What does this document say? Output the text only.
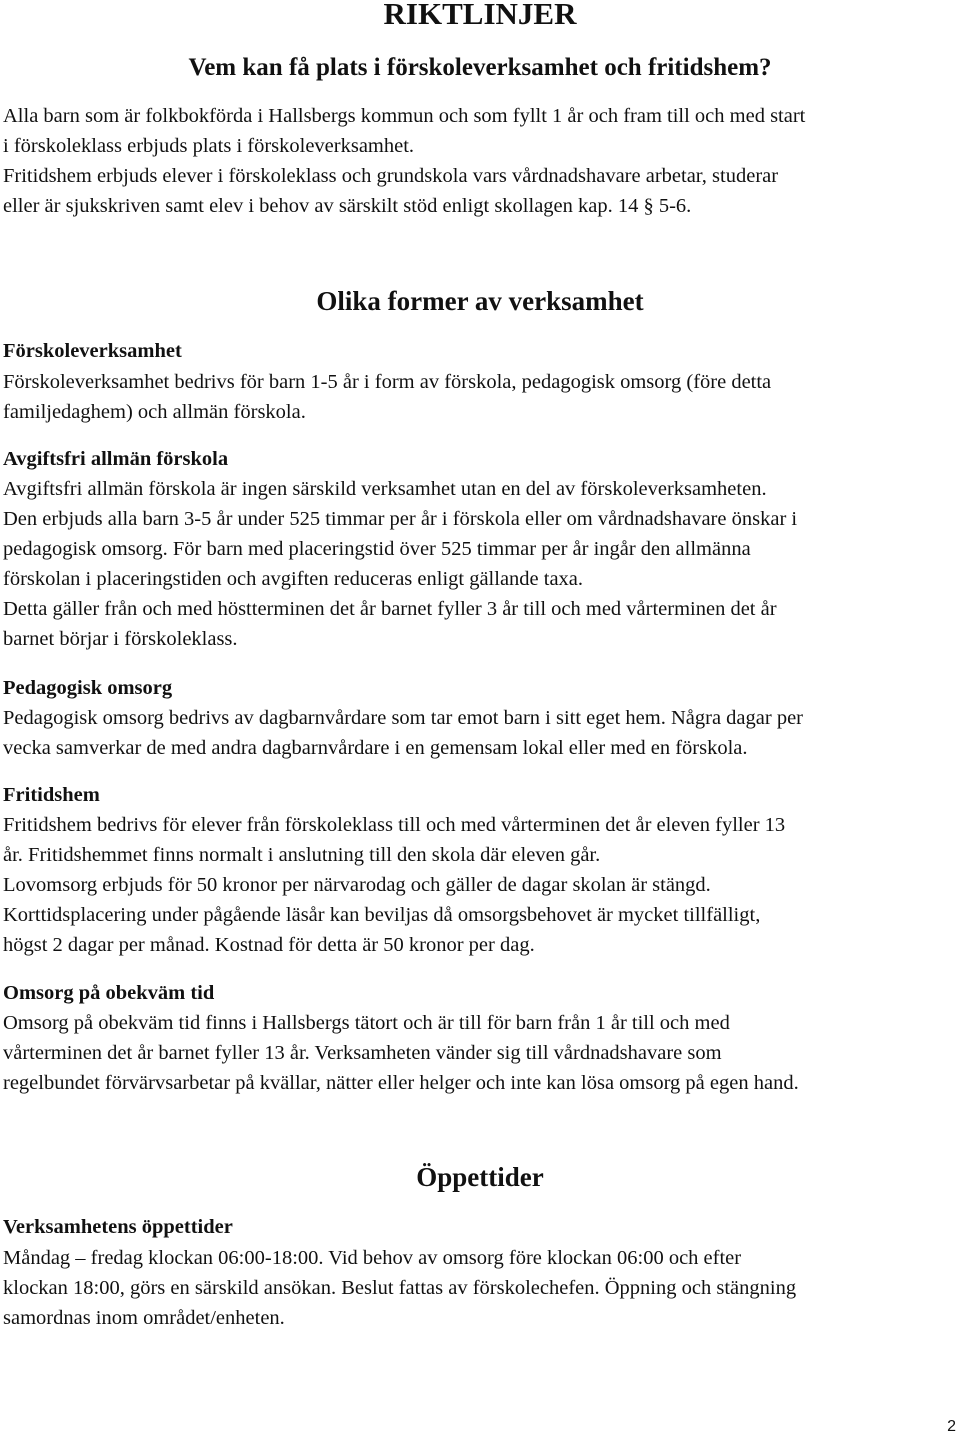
RIKTLINJER
Vem kan få plats i förskoleverksamhet och fritidshem?

Alla barn som är folkbokförda i Hallsbergs kommun och som fyllt 1 år och fram till och med start
i förskoleklass erbjuds plats i förskoleverksamhet.
Fritidshem erbjuds elever i förskoleklass och grundskola vars vårdnadshavare arbetar, studerar
eller är sjukskriven samt elev i behov av särskilt stöd enligt skollagen kap. 14 § 5-6.

Olika former av verksamhet
Förskoleverksamhet

Förskoleverksamhet bedrivs för barn 1-5 år i form av förskola, pedagogisk omsorg (före detta
familjedaghem) och allmän förskola.

Avgiftsfri allmän förskola

Avgiftsfri allmän förskola är ingen särskild verksamhet utan en del av förskoleverksamheten.
Den erbjuds alla barn 3-5 år under 525 timmar per år i förskola eller om vårdnadshavare önskar i
pedagogisk omsorg. För barn med placeringstid över 525 timmar per år ingår den allmänna
förskolan i placeringstiden och avgiften reduceras enligt gällande taxa.
Detta gäller från och med höstterminen det år barnet fyller 3 år till och med vårterminen det år
barnet börjar i förskoleklass.

Pedagogisk omsorg

Pedagogisk omsorg bedrivs av dagbarnvårdare som tar emot barn i sitt eget hem. Några dagar per
vecka samverkar de med andra dagbarnvårdare i en gemensam lokal eller med en förskola.

Fritidshem

Fritidshem bedrivs för elever från förskoleklass till och med vårterminen det år eleven fyller 13
år. Fritidshemmet finns normalt i anslutning till den skola där eleven går.
Lovomsorg erbjuds för 50 kronor per närvarodag och gäller de dagar skolan är stängd.
Korttidsplacering under pågående läsår kan beviljas då omsorgsbehovet är mycket tillfälligt,
högst 2 dagar per månad. Kostnad för detta är 50 kronor per dag.

Omsorg på obekväm tid

Omsorg på obekväm tid finns i Hallsbergs tätort och är till för barn från 1 år till och med
vårterminen det år barnet fyller 13 år. Verksamheten vänder sig till vårdnadshavare som
regelbundet förvärvsarbetar på kvällar, nätter eller helger och inte kan lösa omsorg på egen hand.

Öppettider
Verksamhetens öppettider

Måndag – fredag klockan 06:00-18:00. Vid behov av omsorg före klockan 06:00 och efter
klockan 18:00, görs en särskild ansökan. Beslut fattas av förskolechefen. Öppning och stängning
samordnas inom området/enheten.

2
